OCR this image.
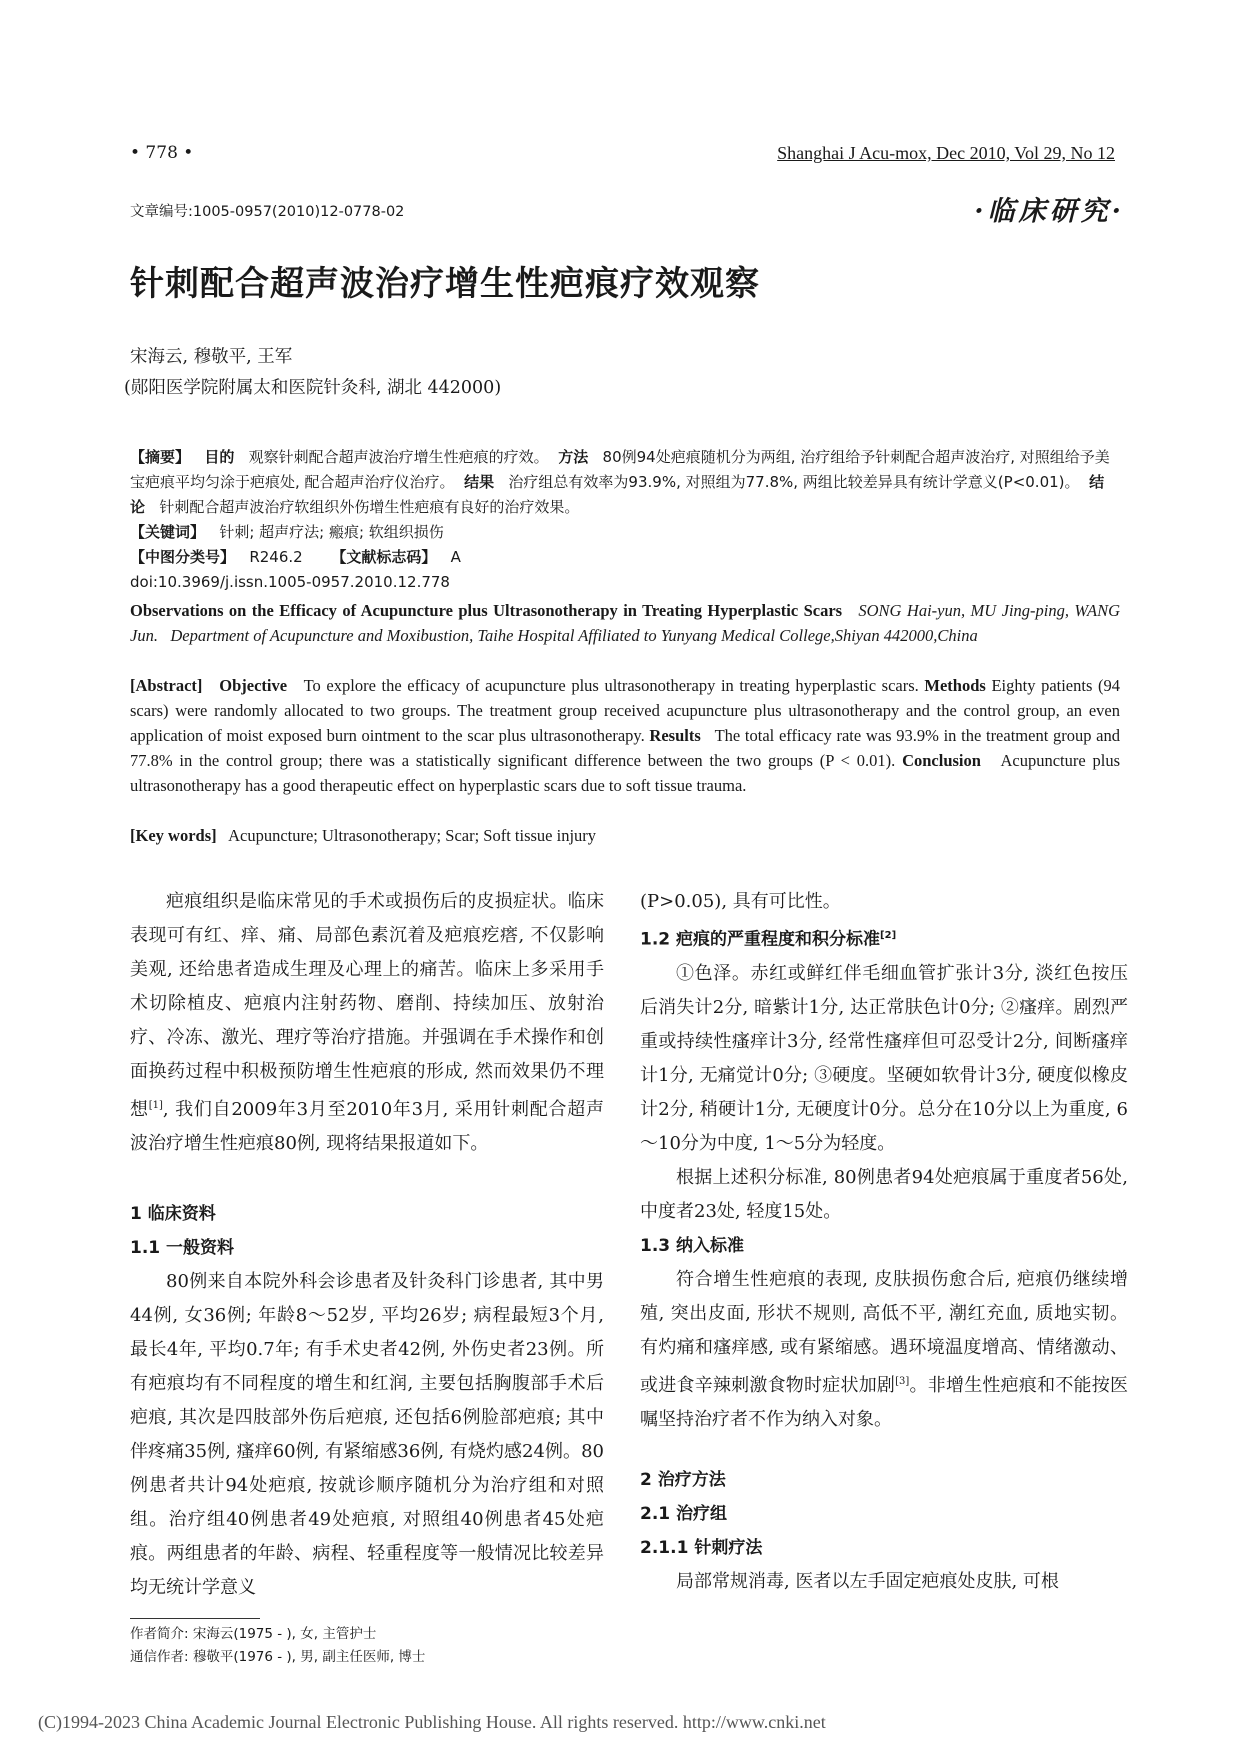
• 778 •	Shanghai J Acu-mox, Dec 2010, Vol 29, No 12
文章编号:1005-0957(2010)12-0778-02	·临床研究·
针刺配合超声波治疗增生性疤痕疗效观察
宋海云, 穆敬平, 王军
(郧阳医学院附属太和医院针灸科, 湖北 442000)
【摘要】 目的 观察针刺配合超声波治疗增生性疤痕的疗效。 方法 80例94处疤痕随机分为两组, 治疗组给予针刺配合超声波治疗, 对照组给予美宝疤痕平均匀涂于疤痕处, 配合超声治疗仪治疗。 结果 治疗组总有效率为93.9%, 对照组为77.8%, 两组比较差异具有统计学意义(P<0.01)。 结论 针刺配合超声波治疗软组织外伤增生性疤痕有良好的治疗效果。
【关键词】 针刺; 超声疗法; 瘢痕; 软组织损伤
【中图分类号】 R246.2 【文献标志码】 A
doi:10.3969/j.issn.1005-0957.2010.12.778
Observations on the Efficacy of Acupuncture plus Ultrasonotherapy in Treating Hyperplastic Scars SONG Hai-yun, MU Jing-ping, WANG Jun. Department of Acupuncture and Moxibustion, Taihe Hospital Affiliated to Yunyang Medical College,Shiyan 442000,China
[Abstract] Objective To explore the efficacy of acupuncture plus ultrasonotherapy in treating hyperplastic scars. Methods Eighty patients (94 scars) were randomly allocated to two groups. The treatment group received acupuncture plus ultrasonotherapy and the control group, an even application of moist exposed burn ointment to the scar plus ultrasonotherapy. Results The total efficacy rate was 93.9% in the treatment group and 77.8% in the control group; there was a statistically significant difference between the two groups (P < 0.01). Conclusion Acupuncture plus ultrasonotherapy has a good therapeutic effect on hyperplastic scars due to soft tissue trauma.
[Key words] Acupuncture; Ultrasonotherapy; Scar; Soft tissue injury

疤痕组织是临床常见的手术或损伤后的皮损症状。临床表现可有红、痒、痛、局部色素沉着及疤痕疙瘩, 不仅影响美观, 还给患者造成生理及心理上的痛苦。临床上多采用手术切除植皮、疤痕内注射药物、磨削、持续加压、放射治疗、冷冻、激光、理疗等治疗措施。并强调在手术操作和创面换药过程中积极预防增生性疤痕的形成, 然而效果仍不理想[1], 我们自2009年3月至2010年3月, 采用针刺配合超声波治疗增生性疤痕80例, 现将结果报道如下。

1 临床资料
1.1 一般资料

80例来自本院外科会诊患者及针灸科门诊患者, 其中男44例, 女36例; 年龄8～52岁, 平均26岁; 病程最短3个月, 最长4年, 平均0.7年; 有手术史者42例, 外伤史者23例。所有疤痕均有不同程度的增生和红润, 主要包括胸腹部手术后疤痕, 其次是四肢部外伤后疤痕, 还包括6例脸部疤痕; 其中伴疼痛35例, 瘙痒60例, 有紧缩感36例, 有烧灼感24例。80例患者共计94处疤痕, 按就诊顺序随机分为治疗组和对照组。治疗组40例患者49处疤痕, 对照组40例患者45处疤痕。两组患者的年龄、病程、轻重程度等一般情况比较差异均无统计学意义

(P>0.05), 具有可比性。

1.2 疤痕的严重程度和积分标准[2]

①色泽。赤红或鲜红伴毛细血管扩张计3分, 淡红色按压后消失计2分, 暗紫计1分, 达正常肤色计0分; ②瘙痒。剧烈严重或持续性瘙痒计3分, 经常性瘙痒但可忍受计2分, 间断瘙痒计1分, 无痛觉计0分; ③硬度。坚硬如软骨计3分, 硬度似橡皮计2分, 稍硬计1分, 无硬度计0分。总分在10分以上为重度, 6～10分为中度, 1～5分为轻度。

根据上述积分标准, 80例患者94处疤痕属于重度者56处, 中度者23处, 轻度15处。

1.3 纳入标准

符合增生性疤痕的表现, 皮肤损伤愈合后, 疤痕仍继续增殖, 突出皮面, 形状不规则, 高低不平, 潮红充血, 质地实韧。有灼痛和瘙痒感, 或有紧缩感。遇环境温度增高、情绪激动、或进食辛辣刺激食物时症状加剧[3]。非增生性疤痕和不能按医嘱坚持治疗者不作为纳入对象。

2 治疗方法
2.1 治疗组
2.1.1 针刺疗法

局部常规消毒, 医者以左手固定疤痕处皮肤, 可根

作者简介: 宋海云(1975 - ), 女, 主管护士
通信作者: 穆敬平(1976 - ), 男, 副主任医师, 博士
(C)1994-2023 China Academic Journal Electronic Publishing House. All rights reserved. http://www.cnki.net
